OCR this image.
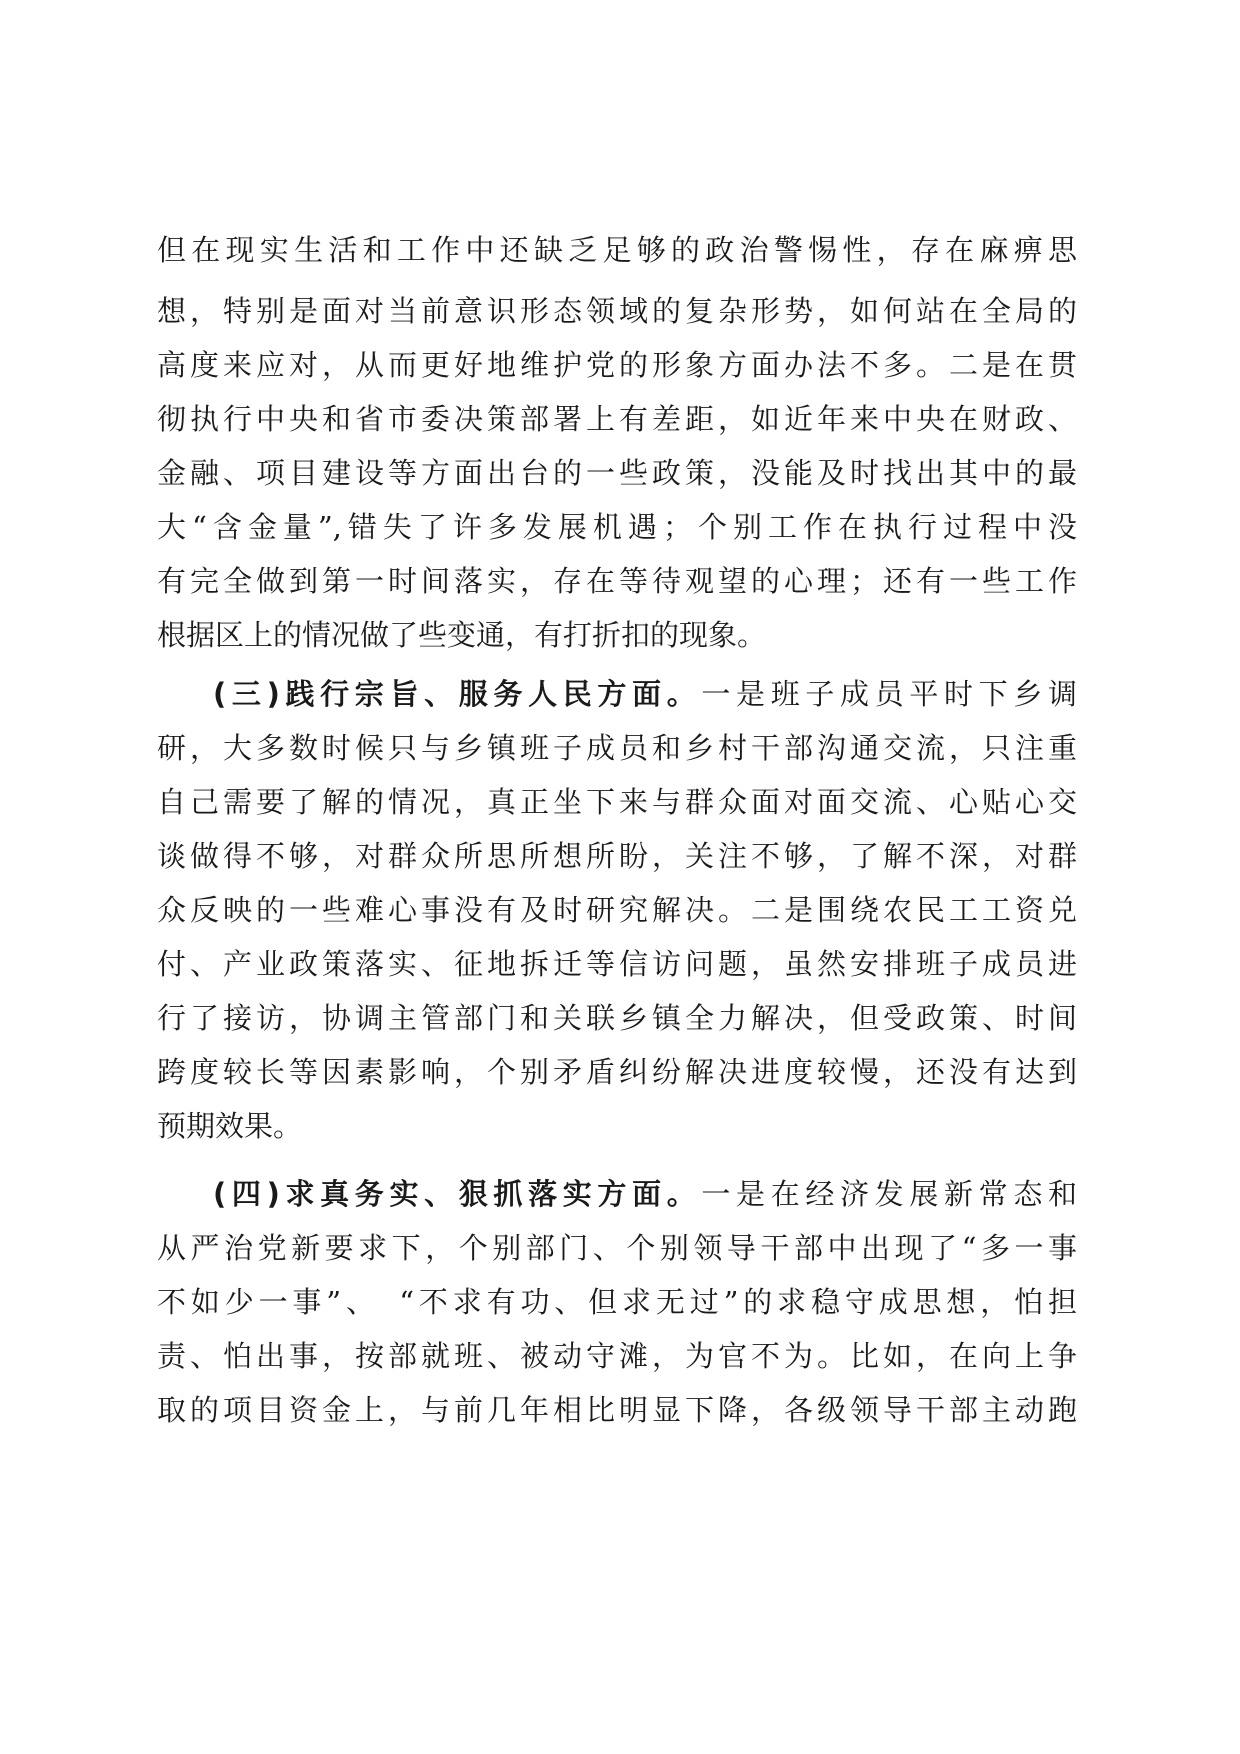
但在现实生活和工作中还缺乏足够的政治警惕性，存在麻痹思
想，特别是面对当前意识形态领域的复杂形势，如何站在全局的
高度来应对，从而更好地维护党的形象方面办法不多。二是在贯
彻执行中央和省市委决策部署上有差距，如近年来中央在财政、
金融、项目建设等方面出台的一些政策，没能及时找出其中的最
大“含金量”,错失了许多发展机遇；个别工作在执行过程中没
有完全做到第一时间落实，存在等待观望的心理；还有一些工作
根据区上的情况做了些变通，有打折扣的现象。
(三)践行宗旨、服务人民方面。一是班子成员平时下乡调
研，大多数时候只与乡镇班子成员和乡村干部沟通交流，只注重
自己需要了解的情况，真正坐下来与群众面对面交流、心贴心交
谈做得不够，对群众所思所想所盼，关注不够，了解不深，对群
众反映的一些难心事没有及时研究解决。二是围绕农民工工资兑
付、产业政策落实、征地拆迁等信访问题，虽然安排班子成员进
行了接访，协调主管部门和关联乡镇全力解决，但受政策、时间
跨度较长等因素影响，个别矛盾纠纷解决进度较慢，还没有达到
预期效果。
(四)求真务实、狠抓落实方面。一是在经济发展新常态和
从严治党新要求下，个别部门、个别领导干部中出现了“多一事
不如少一事”、　“不求有功、但求无过”的求稳守成思想，怕担
责、怕出事，按部就班、被动守滩，为官不为。比如，在向上争
取的项目资金上，与前几年相比明显下降，各级领导干部主动跑
